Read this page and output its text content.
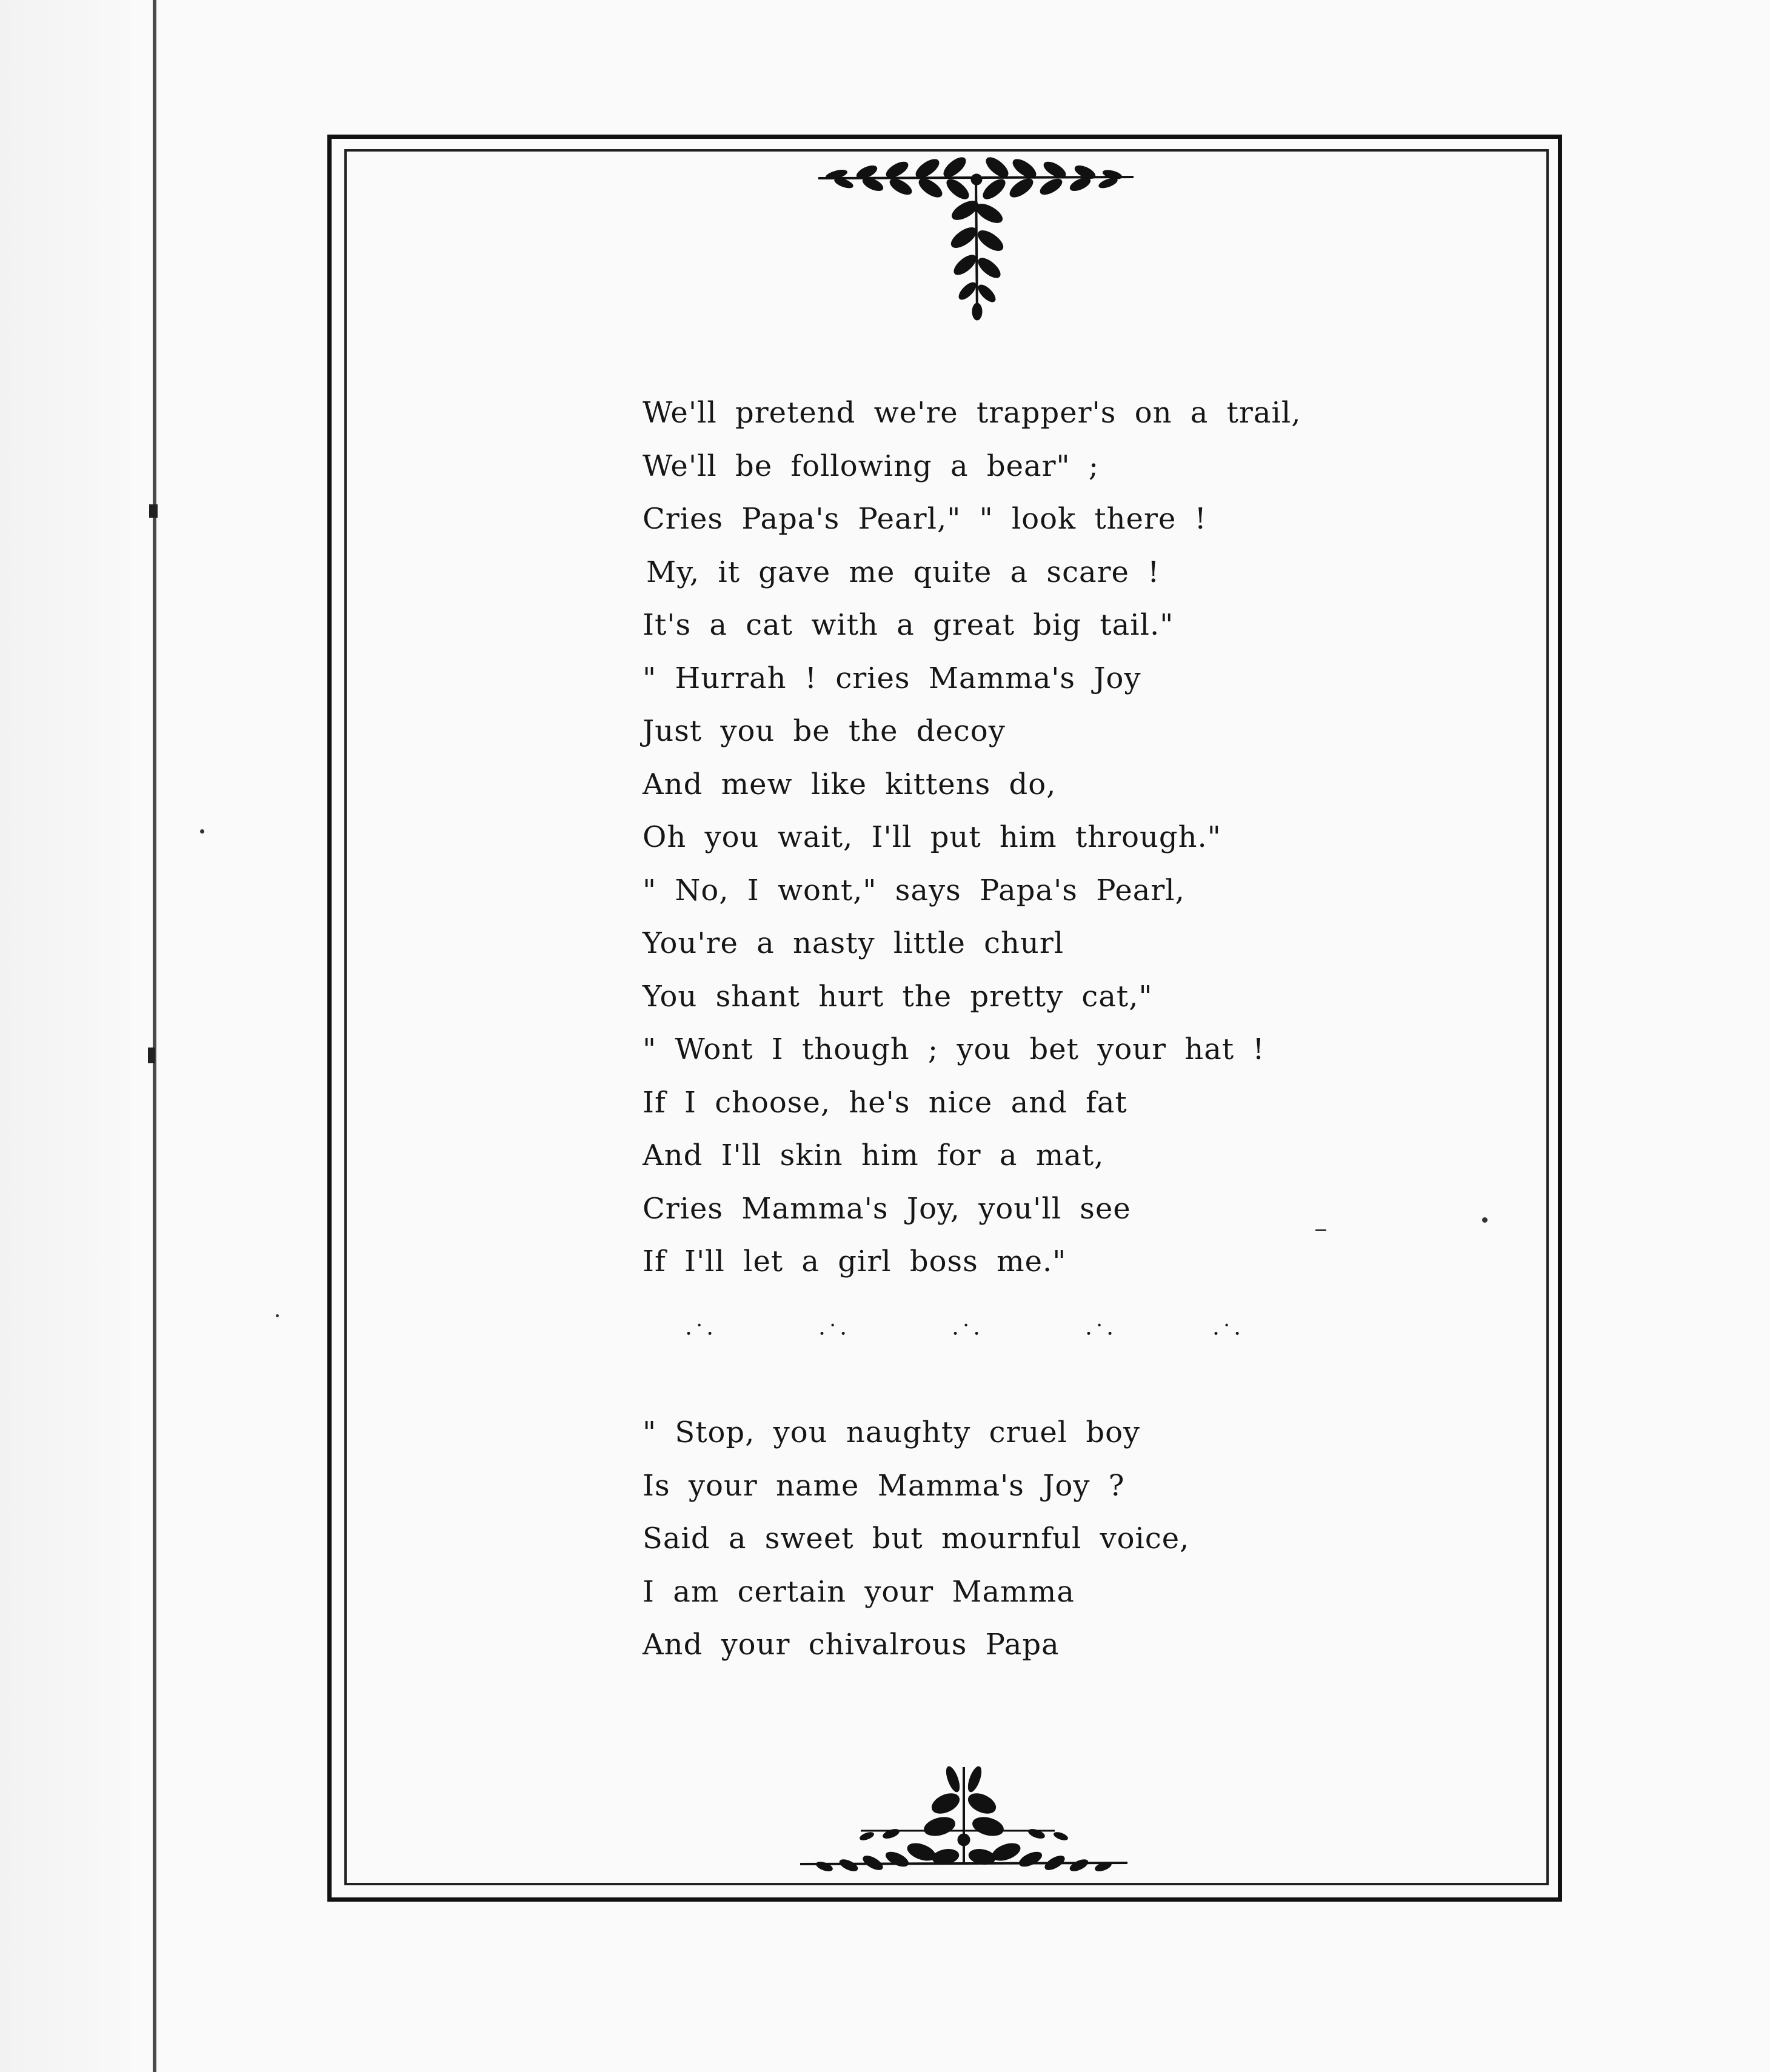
We'll pretend we're trapper's on a trail,
We'll be following a bear" ;
Cries Papa's Pearl," " look there !
My, it gave me quite a scare !
It's a cat with a great big tail."
" Hurrah ! cries Mamma's Joy
Just you be the decoy
And mew like kittens do,
Oh you wait, I'll put him through."
" No, I wont," says Papa's Pearl,
You're a nasty little churl
You shant hurt the pretty cat,"
" Wont I though ; you bet your hat !
If I choose, he's nice and fat
And I'll skin him for a mat,
Cries Mamma's Joy, you'll see
If I'll let a girl boss me."
·˙·	·˙·	·˙·	·˙·	·˙·
" Stop, you naughty cruel boy
Is your name Mamma's Joy ?
Said a sweet but mournful voice,
I am certain your Mamma
And your chivalrous Papa
